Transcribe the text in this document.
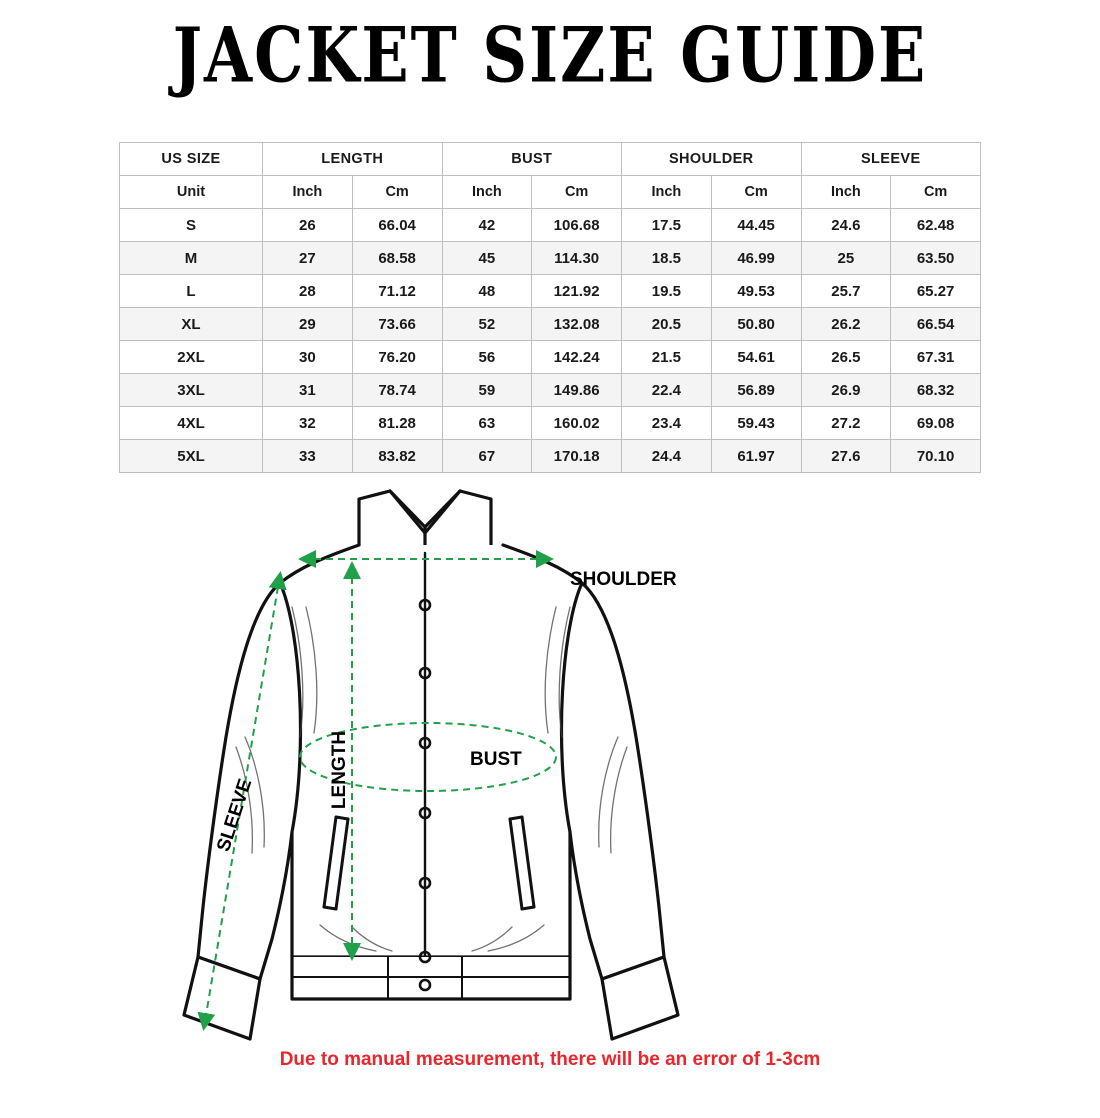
JACKET SIZE GUIDE
US SIZE	LENGTH		BUST		SHOULDER		SLEEVE	
Unit	Inch	Cm	Inch	Cm	Inch	Cm	Inch	Cm
S	26	66.04	42	106.68	17.5	44.45	24.6	62.48
M	27	68.58	45	114.30	18.5	46.99	25	63.50
L	28	71.12	48	121.92	19.5	49.53	25.7	65.27
XL	29	73.66	52	132.08	20.5	50.80	26.2	66.54
2XL	30	76.20	56	142.24	21.5	54.61	26.5	67.31
3XL	31	78.74	59	149.86	22.4	56.89	26.9	68.32
4XL	32	81.28	63	160.02	23.4	59.43	27.2	69.08
5XL	33	83.82	67	170.18	24.4	61.97	27.6	70.10
SHOULDER
LENGTH	BUST
SLEEVE
Due to manual measurement, there will be an error of 1-3cm
